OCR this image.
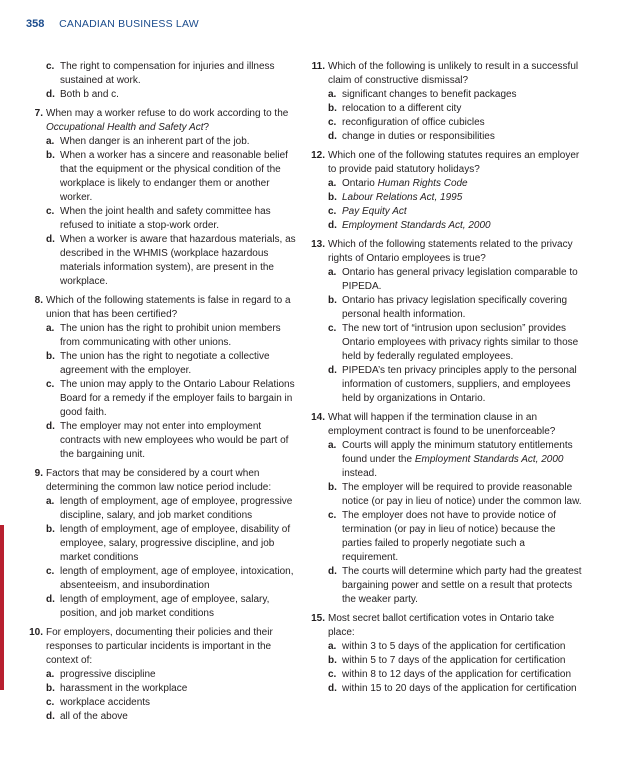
358 CANADIAN BUSINESS LAW
c. The right to compensation for injuries and illness sustained at work.
d. Both b and c.
7. When may a worker refuse to do work according to the Occupational Health and Safety Act?
a. When danger is an inherent part of the job.
b. When a worker has a sincere and reasonable belief that the equipment or the physical condition of the workplace is likely to endanger them or another worker.
c. When the joint health and safety committee has refused to initiate a stop-work order.
d. When a worker is aware that hazardous materials, as described in the WHMIS (workplace hazardous materials information system), are present in the workplace.
8. Which of the following statements is false in regard to a union that has been certified?
a. The union has the right to prohibit union members from communicating with other unions.
b. The union has the right to negotiate a collective agreement with the employer.
c. The union may apply to the Ontario Labour Relations Board for a remedy if the employer fails to bargain in good faith.
d. The employer may not enter into employment contracts with new employees who would be part of the bargaining unit.
9. Factors that may be considered by a court when determining the common law notice period include:
a. length of employment, age of employee, progressive discipline, salary, and job market conditions
b. length of employment, age of employee, disability of employee, salary, progressive discipline, and job market conditions
c. length of employment, age of employee, intoxication, absenteeism, and insubordination
d. length of employment, age of employee, salary, position, and job market conditions
10. For employers, documenting their policies and their responses to particular incidents is important in the context of:
a. progressive discipline
b. harassment in the workplace
c. workplace accidents
d. all of the above
11. Which of the following is unlikely to result in a successful claim of constructive dismissal?
a. significant changes to benefit packages
b. relocation to a different city
c. reconfiguration of office cubicles
d. change in duties or responsibilities
12. Which one of the following statutes requires an employer to provide paid statutory holidays?
a. Ontario Human Rights Code
b. Labour Relations Act, 1995
c. Pay Equity Act
d. Employment Standards Act, 2000
13. Which of the following statements related to the privacy rights of Ontario employees is true?
a. Ontario has general privacy legislation comparable to PIPEDA.
b. Ontario has privacy legislation specifically covering personal health information.
c. The new tort of “intrusion upon seclusion” provides Ontario employees with privacy rights similar to those held by federally regulated employees.
d. PIPEDA’s ten privacy principles apply to the personal information of customers, suppliers, and employees held by organizations in Ontario.
14. What will happen if the termination clause in an employment contract is found to be unenforceable?
a. Courts will apply the minimum statutory entitlements found under the Employment Standards Act, 2000 instead.
b. The employer will be required to provide reasonable notice (or pay in lieu of notice) under the common law.
c. The employer does not have to provide notice of termination (or pay in lieu of notice) because the parties failed to properly negotiate such a requirement.
d. The courts will determine which party had the greatest bargaining power and settle on a result that protects the weaker party.
15. Most secret ballot certification votes in Ontario take place:
a. within 3 to 5 days of the application for certification
b. within 5 to 7 days of the application for certification
c. within 8 to 12 days of the application for certification
d. within 15 to 20 days of the application for certification
